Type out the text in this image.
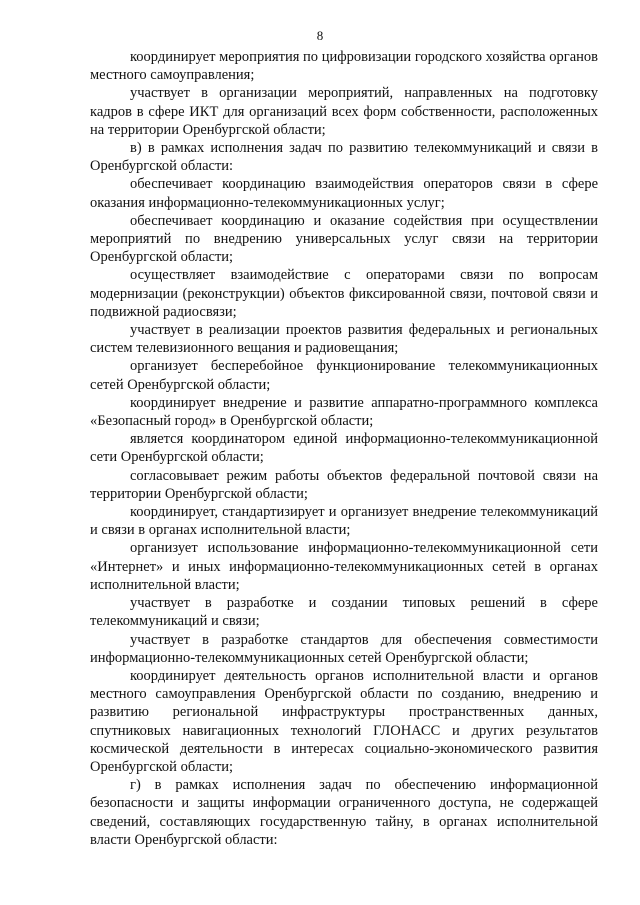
8

координирует мероприятия по цифровизации городского хозяйства органов местного самоуправления;

участвует в организации мероприятий, направленных на подготовку кадров в сфере ИКТ для организаций всех форм собственности, расположенных на территории Оренбургской области;

в) в рамках исполнения задач по развитию телекоммуникаций и связи в Оренбургской области:

обеспечивает координацию взаимодействия операторов связи в сфере оказания информационно-телекоммуникационных услуг;

обеспечивает координацию и оказание содействия при осуществлении мероприятий по внедрению универсальных услуг связи на территории Оренбургской области;

осуществляет взаимодействие с операторами связи по вопросам модернизации (реконструкции) объектов фиксированной связи, почтовой связи и подвижной радиосвязи;

участвует в реализации проектов развития федеральных и региональных систем телевизионного вещания и радиовещания;

организует бесперебойное функционирование телекоммуникационных сетей Оренбургской области;

координирует внедрение и развитие аппаратно-программного комплекса «Безопасный город» в Оренбургской области;

является координатором единой информационно-телекоммуникационной сети Оренбургской области;

согласовывает режим работы объектов федеральной почтовой связи на территории Оренбургской области;

координирует, стандартизирует и организует внедрение телекоммуникаций и связи в органах исполнительной власти;

организует использование информационно-телекоммуникационной сети «Интернет» и иных информационно-телекоммуникационных сетей в органах исполнительной власти;

участвует в разработке и создании типовых решений в сфере телекоммуникаций и связи;

участвует в разработке стандартов для обеспечения совместимости информационно-телекоммуникационных сетей Оренбургской области;

координирует деятельность органов исполнительной власти и органов местного самоуправления Оренбургской области по созданию, внедрению и развитию региональной инфраструктуры пространственных данных, спутниковых навигационных технологий ГЛОНАСС и других результатов космической деятельности в интересах социально-экономического развития Оренбургской области;

г) в рамках исполнения задач по обеспечению информационной безопасности и защиты информации ограниченного доступа, не содержащей сведений, составляющих государственную тайну, в органах исполнительной власти Оренбургской области:
